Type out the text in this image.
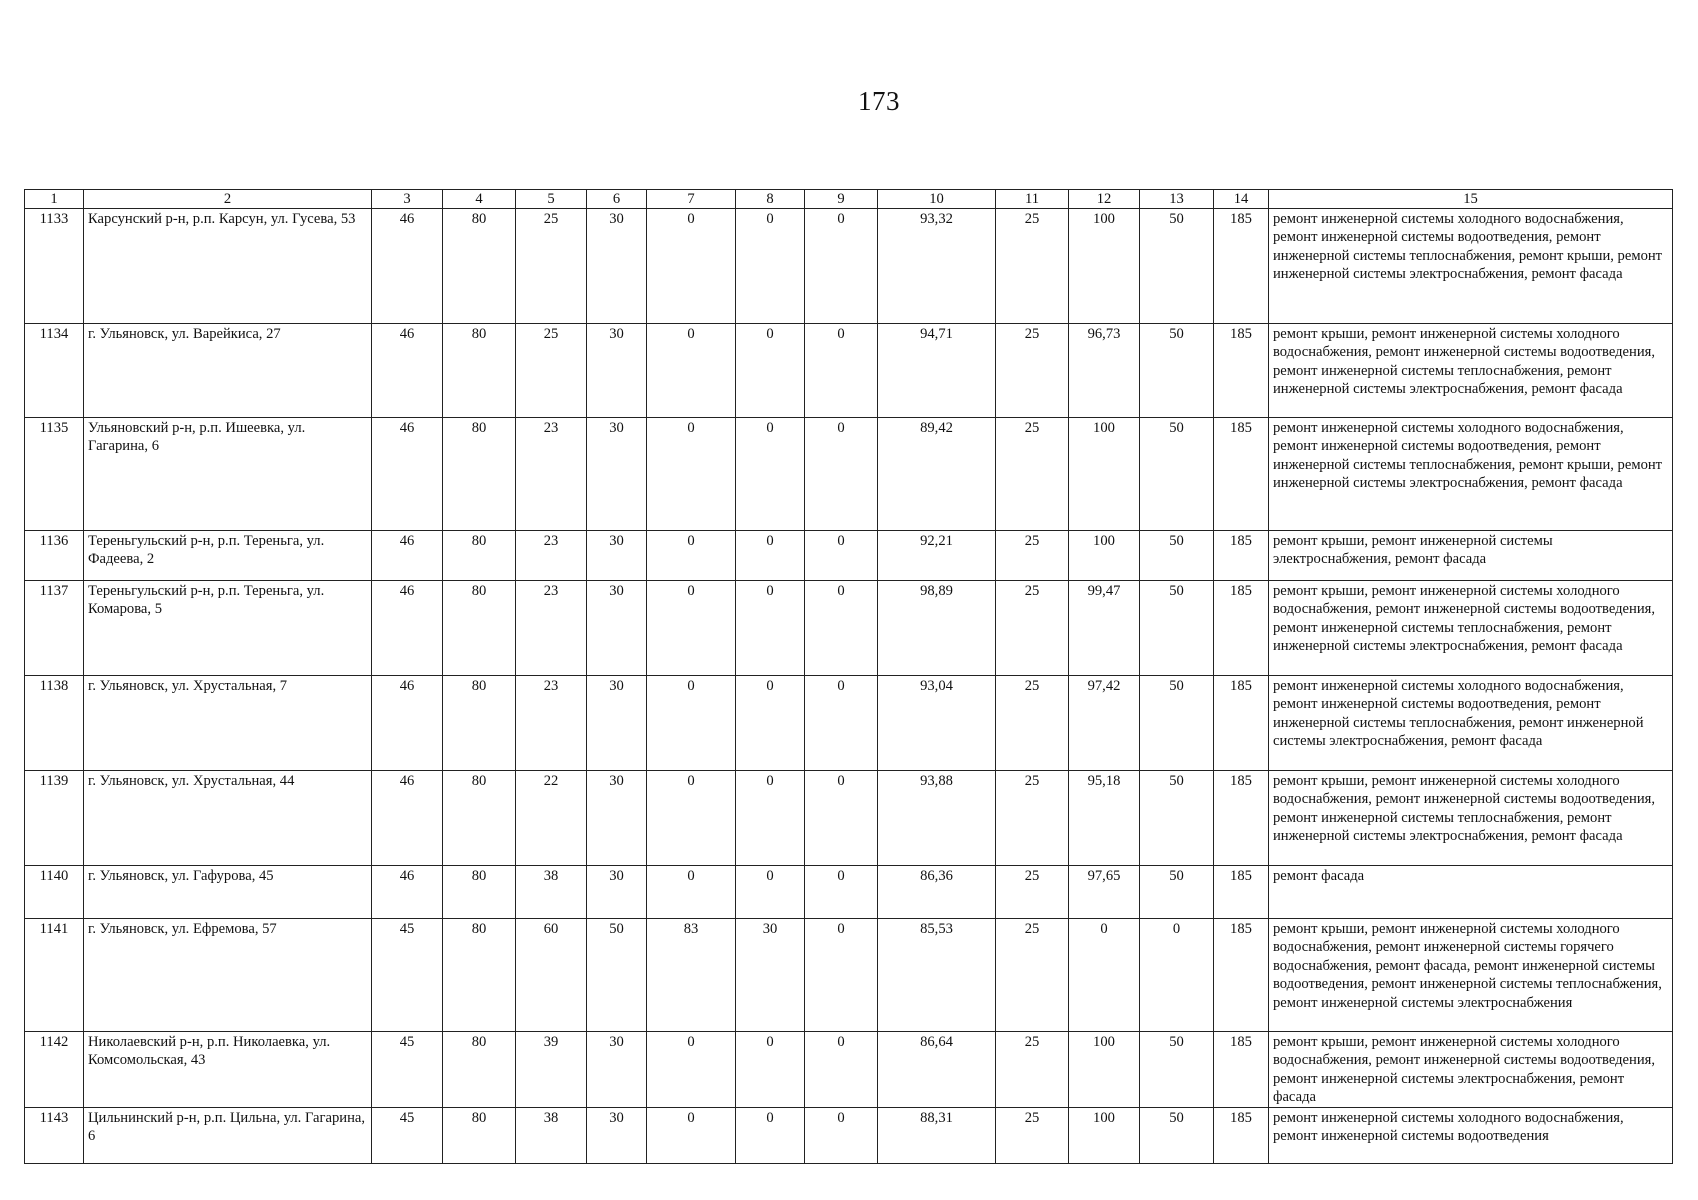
173
1	2	3	4	5	6	7	8	9	10	11	12	13	14	15
1133	Карсунский р-н, р.п. Карсун, ул. Гусева, 53	46	80	25	30	0	0	0	93,32	25	100	50	185	ремонт инженерной системы холодного водоснабжения, ремонт инженерной системы водоотведения, ремонт инженерной системы теплоснабжения, ремонт крыши, ремонт инженерной системы электроснабжения, ремонт фасада
1134	г. Ульяновск, ул. Варейкиса, 27	46	80	25	30	0	0	0	94,71	25	96,73	50	185	ремонт крыши, ремонт инженерной системы холодного водоснабжения, ремонт инженерной системы водоотведения, ремонт инженерной системы теплоснабжения, ремонт инженерной системы электроснабжения, ремонт фасада
1135	Ульяновский р-н, р.п. Ишеевка, ул. Гагарина, 6	46	80	23	30	0	0	0	89,42	25	100	50	185	ремонт инженерной системы холодного водоснабжения, ремонт инженерной системы водоотведения, ремонт инженерной системы теплоснабжения, ремонт крыши, ремонт инженерной системы электроснабжения, ремонт фасада
1136	Тереньгульский р-н, р.п. Тереньга, ул. Фадеева, 2	46	80	23	30	0	0	0	92,21	25	100	50	185	ремонт крыши, ремонт инженерной системы электроснабжения, ремонт фасада
1137	Тереньгульский р-н, р.п. Тереньга, ул. Комарова, 5	46	80	23	30	0	0	0	98,89	25	99,47	50	185	ремонт крыши, ремонт инженерной системы холодного водоснабжения, ремонт инженерной системы водоотведения, ремонт инженерной системы теплоснабжения, ремонт инженерной системы электроснабжения, ремонт фасада
1138	г. Ульяновск, ул. Хрустальная, 7	46	80	23	30	0	0	0	93,04	25	97,42	50	185	ремонт инженерной системы холодного водоснабжения, ремонт инженерной системы водоотведения, ремонт инженерной системы теплоснабжения, ремонт инженерной системы электроснабжения, ремонт фасада
1139	г. Ульяновск, ул. Хрустальная, 44	46	80	22	30	0	0	0	93,88	25	95,18	50	185	ремонт крыши, ремонт инженерной системы холодного водоснабжения, ремонт инженерной системы водоотведения, ремонт инженерной системы теплоснабжения, ремонт инженерной системы электроснабжения, ремонт фасада
1140	г. Ульяновск, ул. Гафурова, 45	46	80	38	30	0	0	0	86,36	25	97,65	50	185	ремонт фасада
1141	г. Ульяновск, ул. Ефремова, 57	45	80	60	50	83	30	0	85,53	25	0	0	185	ремонт крыши, ремонт инженерной системы холодного водоснабжения, ремонт инженерной системы горячего водоснабжения, ремонт фасада, ремонт инженерной системы водоотведения, ремонт инженерной системы теплоснабжения, ремонт инженерной системы электроснабжения
1142	Николаевский р-н, р.п. Николаевка, ул. Комсомольская, 43	45	80	39	30	0	0	0	86,64	25	100	50	185	ремонт крыши, ремонт инженерной системы холодного водоснабжения, ремонт инженерной системы водоотведения, ремонт инженерной системы электроснабжения, ремонт фасада
1143	Цильнинский р-н, р.п. Цильна, ул. Гагарина, 6	45	80	38	30	0	0	0	88,31	25	100	50	185	ремонт инженерной системы холодного водоснабжения, ремонт инженерной системы водоотведения
